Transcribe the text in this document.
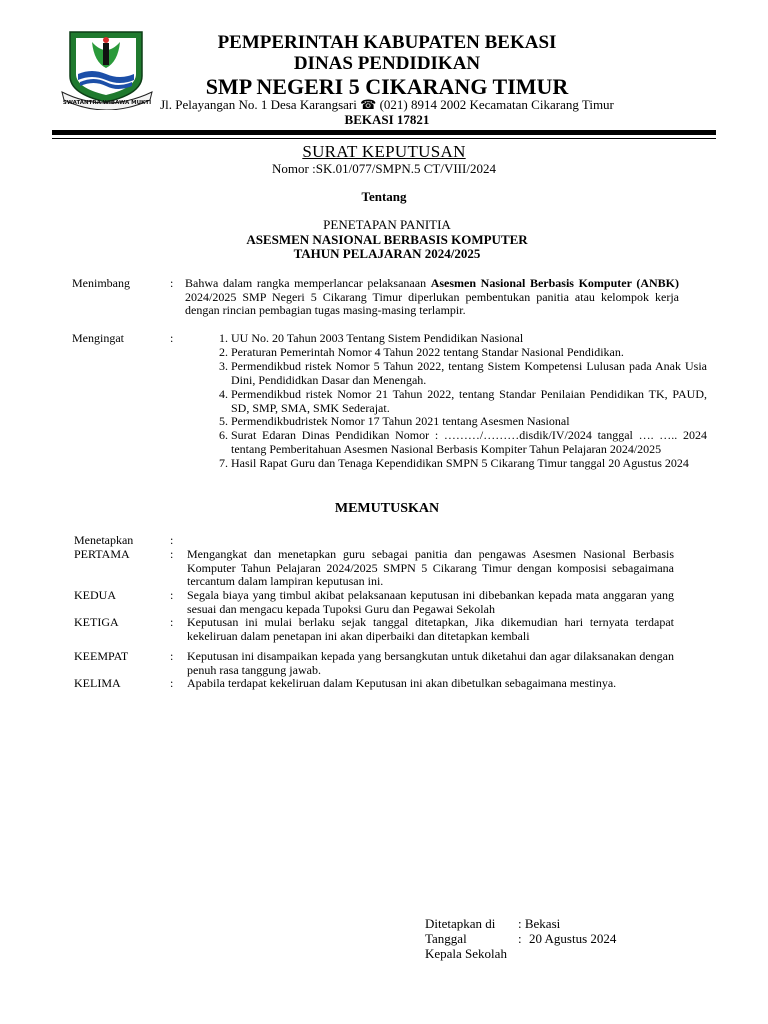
SWATANTRA WIBAWA MUKTI
PEMPERINTAH KABUPATEN BEKASI
DINAS PENDIDIKAN
SMP NEGERI 5 CIKARANG TIMUR
Jl. Pelayangan No. 1 Desa Karangsari ☎ (021) 8914 2002 Kecamatan Cikarang Timur
BEKASI 17821
SURAT KEPUTUSAN
Nomor :SK.01/077/SMPN.5 CT/VIII/2024
Tentang
PENETAPAN PANITIA
ASESMEN NASIONAL BERBASIS KOMPUTER
TAHUN PELAJARAN 2024/2025
Menimbang	: Bahwa dalam rangka memperlancar pelaksanaan Asesmen Nasional Berbasis Komputer (ANBK) 2024/2025 SMP Negeri 5 Cikarang Timur diperlukan pembentukan panitia atau kelompok kerja dengan rincian pembagian tugas masing-masing terlampir.
Mengingat	:
1.	UU No. 20 Tahun 2003 Tentang Sistem Pendidikan Nasional
2. Peraturan Pemerintah Nomor 4 Tahun 2022 tentang Standar Nasional Pendidikan.
3. Permendikbud ristek Nomor 5 Tahun 2022, tentang Sistem Kompetensi Lulusan pada Anak Usia Dini, Pendididkan Dasar dan Menengah.
4. Permendikbud ristek Nomor 21 Tahun 2022, tentang Standar Penilaian Pendidikan TK, PAUD, SD, SMP, SMA, SMK Sederajat.
5. Permendikbudristek Nomor 17 Tahun 2021 tentang Asesmen Nasional
6. Surat Edaran Dinas Pendidikan Nomor : ………/………disdik/IV/2024 tanggal …. ….. 2024 tentang Pemberitahuan Asesmen Nasional Berbasis Kompiter Tahun Pelajaran 2024/2025
7. Hasil Rapat Guru dan Tenaga Kependidikan SMPN 5 Cikarang Timur tanggal 20 Agustus 2024
MEMUTUSKAN
Menetapkan	:
PERTAMA	: Mengangkat dan menetapkan guru sebagai panitia dan pengawas Asesmen Nasional Berbasis Komputer Tahun Pelajaran 2024/2025 SMPN 5 Cikarang Timur dengan komposisi sebagaimana tercantum dalam lampiran keputusan ini.
KEDUA	: Segala biaya yang timbul akibat pelaksanaan keputusan ini dibebankan kepada mata anggaran yang sesuai dan mengacu kepada Tupoksi Guru dan Pegawai Sekolah
KETIGA	: Keputusan ini mulai berlaku sejak tanggal ditetapkan, Jika dikemudian hari ternyata terdapat kekeliruan dalam penetapan ini akan diperbaiki dan ditetapkan kembali
KEEMPAT	: Keputusan ini disampaikan kepada yang bersangkutan untuk diketahui dan agar dilaksanakan dengan penuh rasa tanggung jawab.
KELIMA	: Apabila terdapat kekeliruan dalam Keputusan ini akan dibetulkan sebagaimana mestinya.
Ditetapkan di : Bekasi
Tanggal	: 20 Agustus 2024
Kepala Sekolah
